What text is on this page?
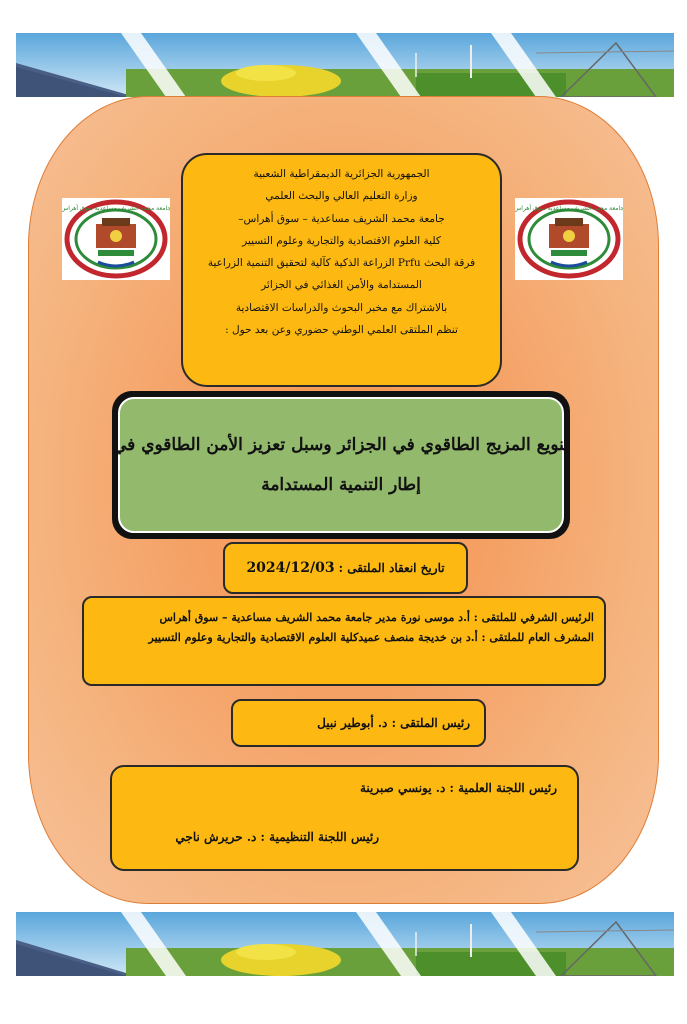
جامعة محمد الشريف مساعدية سوق أهراس	جامعة محمد الشريف مساعدية سوق أهراس
الجمهورية الجزائرية الديمقراطية الشعبية
وزارة التعليم العالي والبحث العلمي
جامعة محمد الشريف مساعدية – سوق أهراس–
كلية العلوم الاقتصادية والتجارية وعلوم التسيير
فرقة البحث Prfu الزراعة الذكية كآلية لتحقيق التنمية الزراعية
المستدامة والأمن الغذائي في الجزائر
بالاشتراك مع مخبر البحوث والدراسات الاقتصادية
تنظم الملتقى العلمي الوطني حضوري وعن بعد حول :
تنويع المزيج الطاقوي في الجزائر وسبل تعزيز الأمن الطاقوي في
إطار التنمية المستدامة
تاريخ انعقاد الملتقى :
2024/12/03
الرئيس الشرفي للملتقى : أ.د موسى نورة مدير جامعة محمد الشريف مساعدية – سوق أهراس
المشرف العام للملتقى : أ.د بن خديجة منصف عميدكلية العلوم الاقتصادية والتجارية وعلوم التسيير
رئيس الملتقى : د. أبوطير نبيل
رئيس اللجنة العلمية : د. يونسي صبرينة
رئيس اللجنة التنظيمية : د. حريرش ناجي
